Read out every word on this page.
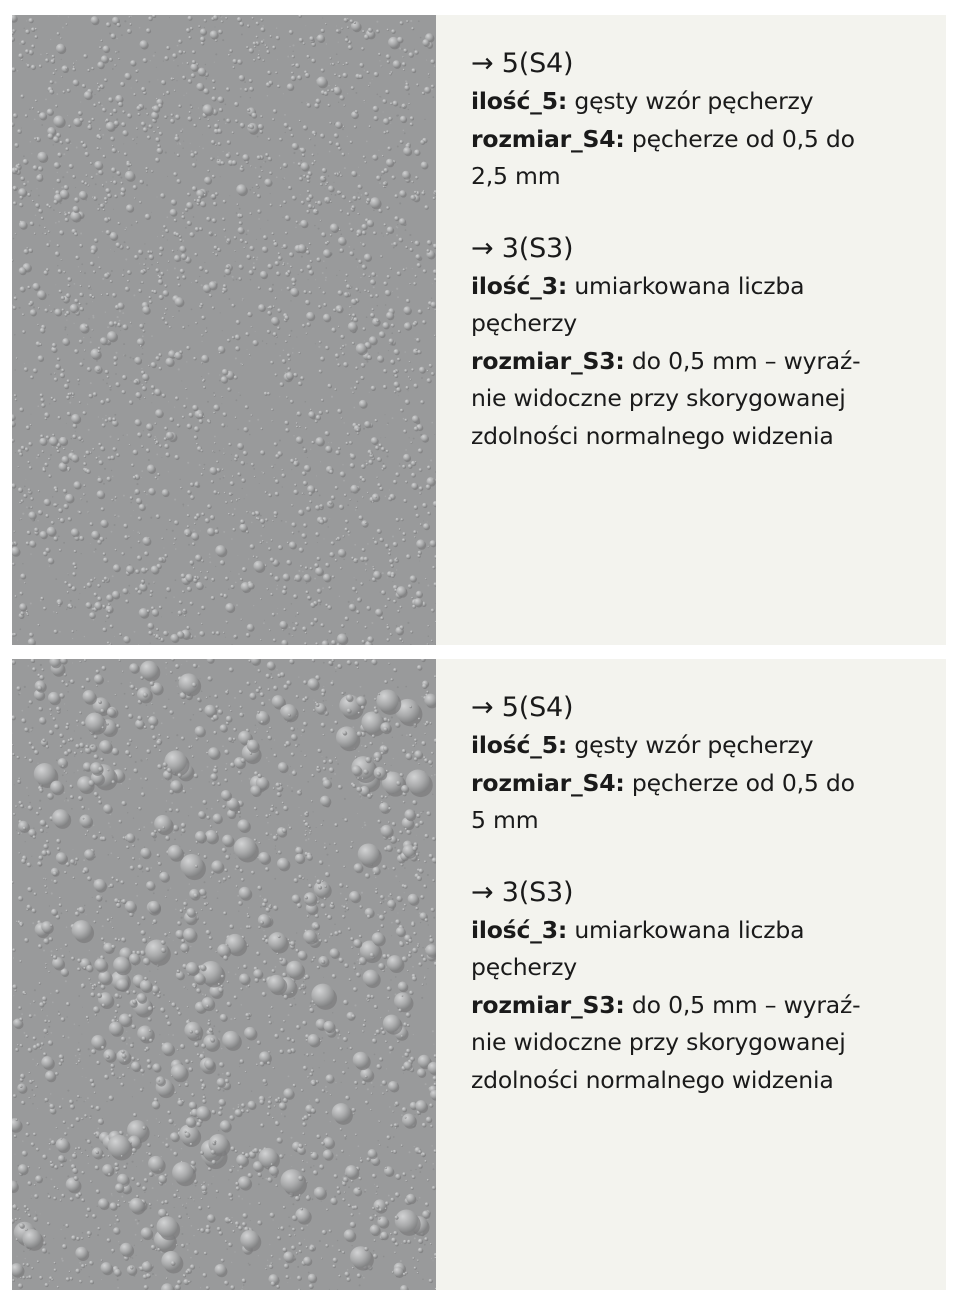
→ 5(S4)

ilość_5: gęsty wzór pęcherzy

rozmiar_S4: pęcherze od 0,5 do

2,5 mm

→ 3(S3)

ilość_3: umiarkowana liczba

pęcherzy

rozmiar_S3: do 0,5 mm – wyraź-

nie widoczne przy skorygowanej

zdolności normalnego widzenia

→ 5(S4)

ilość_5: gęsty wzór pęcherzy

rozmiar_S4: pęcherze od 0,5 do

5 mm

→ 3(S3)

ilość_3: umiarkowana liczba

pęcherzy

rozmiar_S3: do 0,5 mm – wyraź-

nie widoczne przy skorygowanej

zdolności normalnego widzenia
